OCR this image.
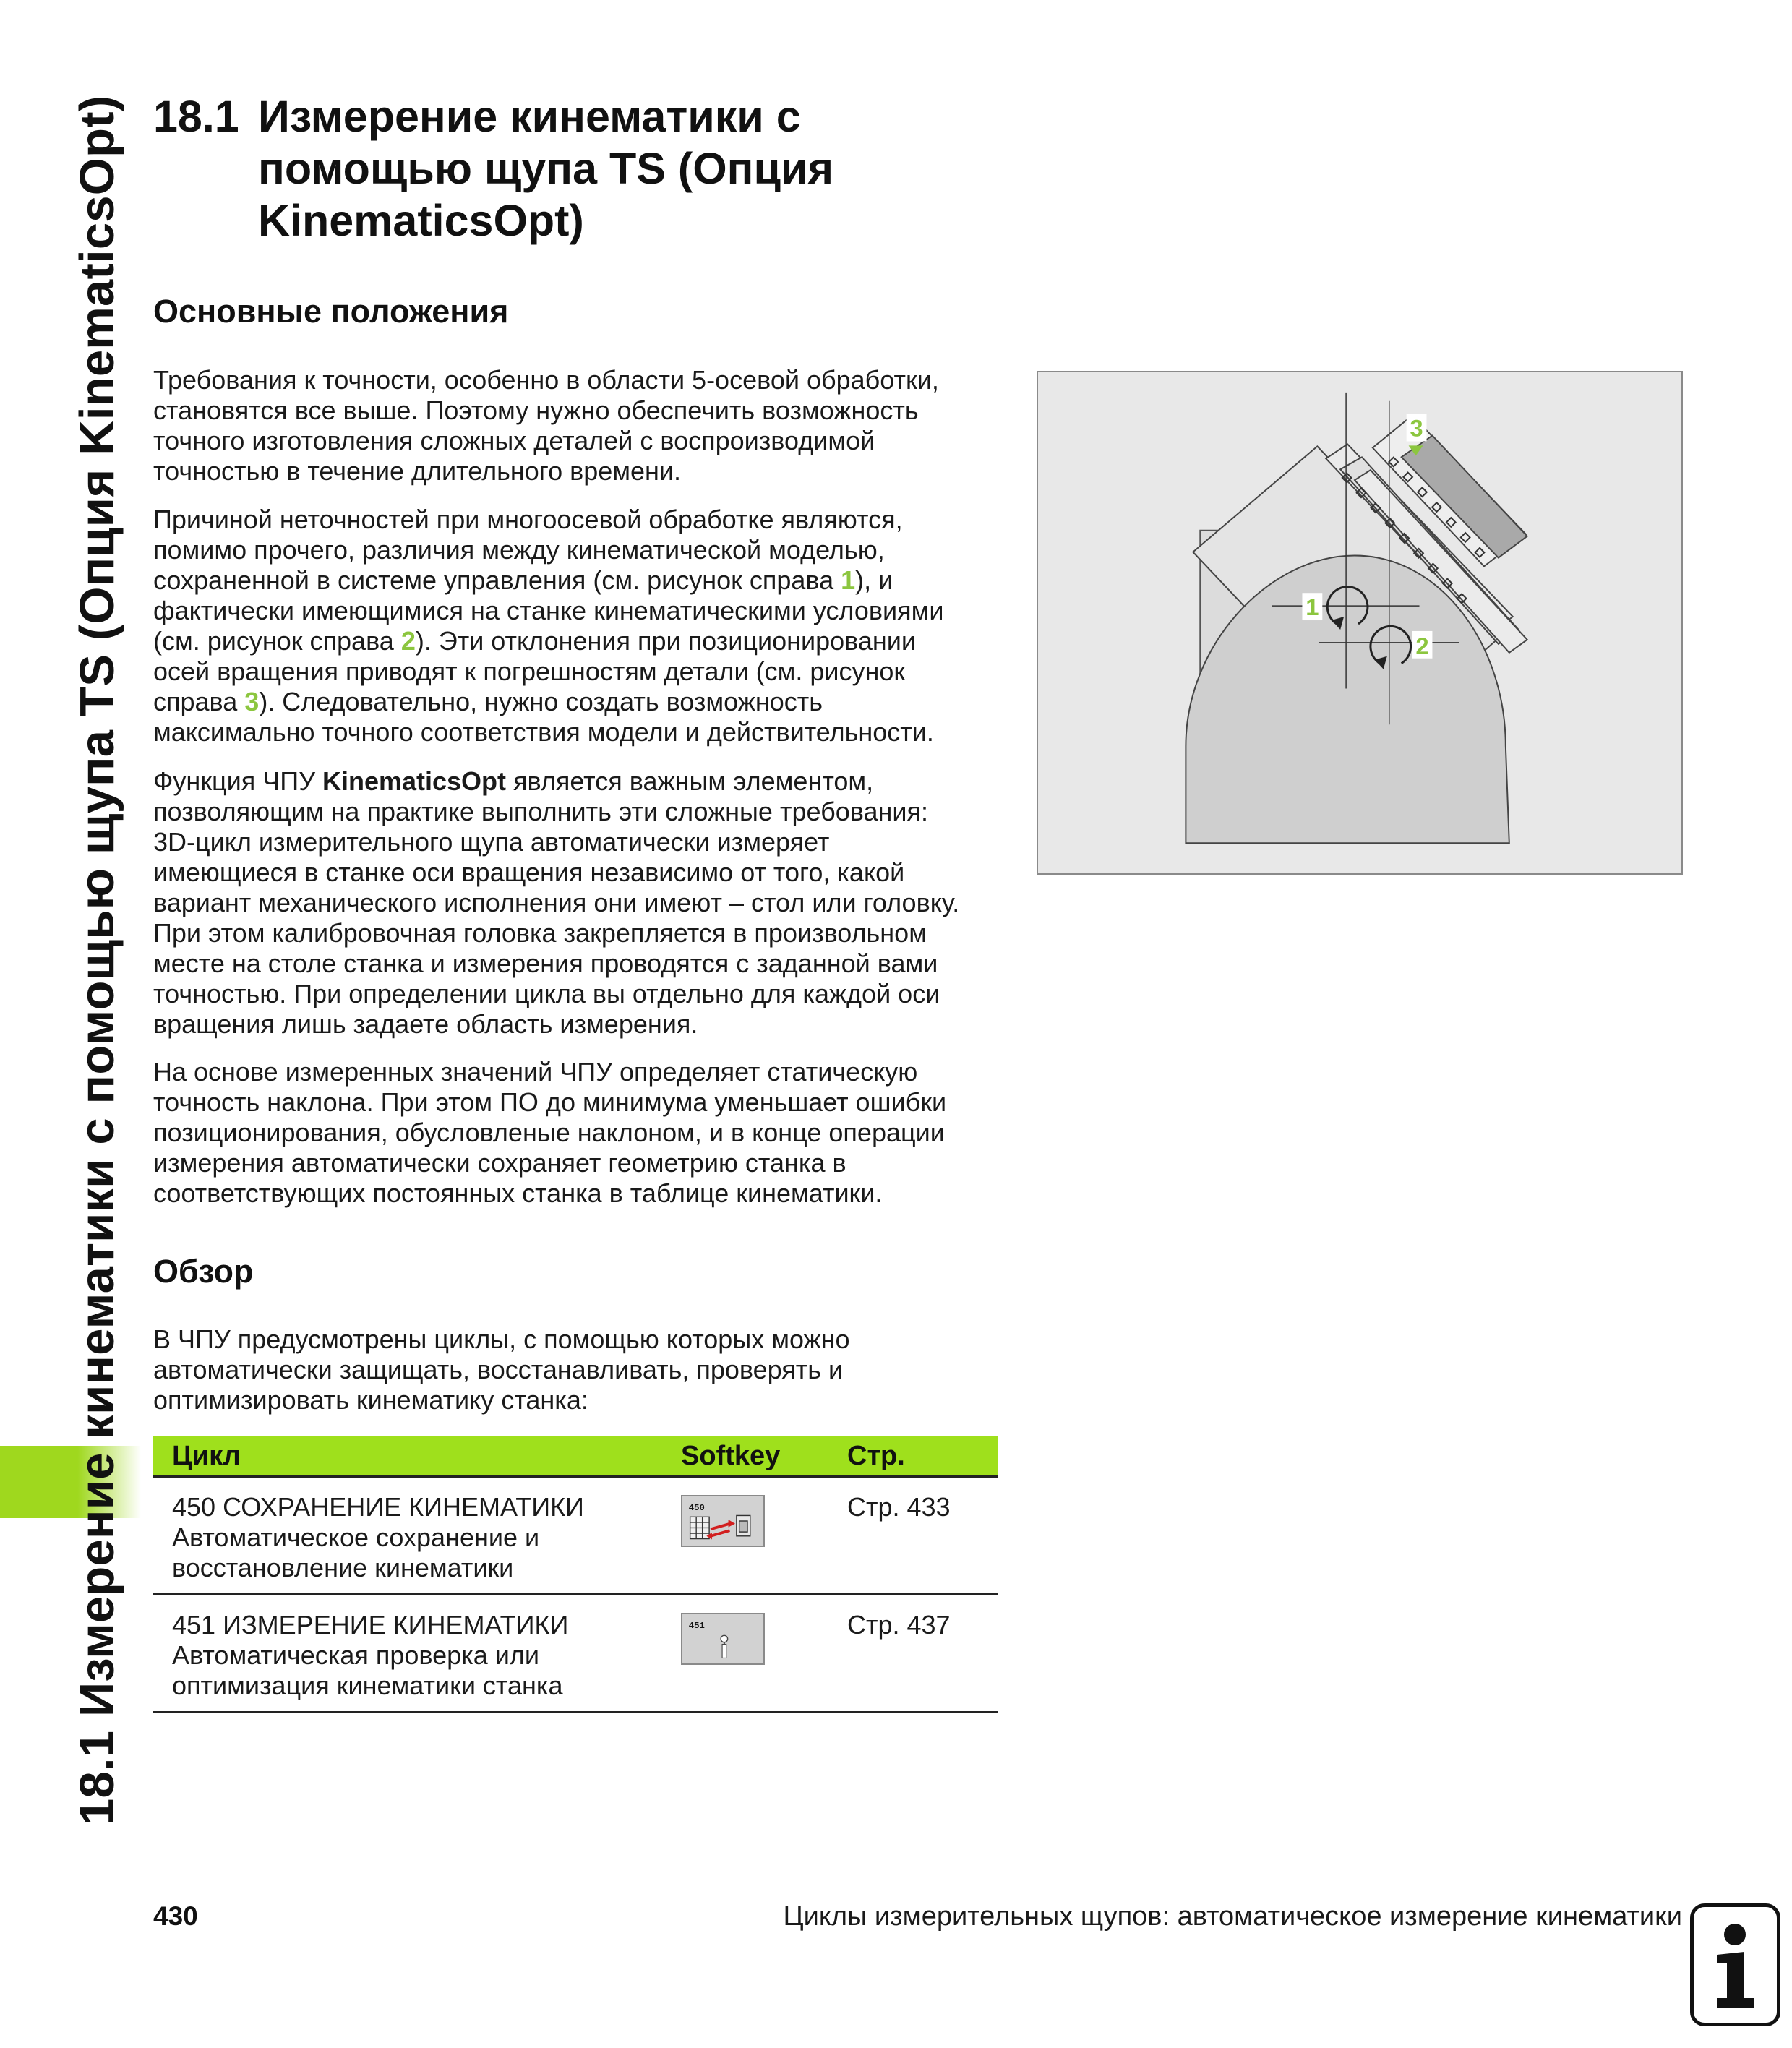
18.1 Измерение кинематики с помощью щупа TS (Опция KinematicsOpt) 18.1 Измерение кинематики с
помощью щупа TS (Опция
KinematicsOpt)
Основные положения
Требования к точности, особенно в области 5-осевой обработки,
становятся все выше. Поэтому нужно обеспечить возможность
точного изготовления сложных деталей с воспроизводимой
точностью в течение длительного времени.
Причиной неточностей при многоосевой обработке являются,
помимо прочего, различия между кинематической моделью,
сохраненной в системе управления (см. рисунок справа 1), и
фактически имеющимися на станке кинематическими условиями
(см. рисунок справа 2). Эти отклонения при позиционировании
осей вращения приводят к погрешностям детали (см. рисунок
справа 3). Следовательно, нужно создать возможность
максимально точного соответствия модели и действительности.
Функция ЧПУ KinematicsOpt является важным элементом,
позволяющим на практике выполнить эти сложные требования:
3D-цикл измерительного щупа автоматически измеряет
имеющиеся в станке оси вращения независимо от того, какой
вариант механического исполнения они имеют – стол или головку.
При этом калибровочная головка закрепляется в произвольном
месте на столе станка и измерения проводятся с заданной вами
точностью. При определении цикла вы отдельно для каждой оси
вращения лишь задаете область измерения.
На основе измеренных значений ЧПУ определяет статическую
точность наклона. При этом ПО до минимума уменьшает ошибки
позиционирования, обусловленые наклоном, и в конце операции
измерения автоматически сохраняет геометрию станка в
соответствующих постоянных станка в таблице кинематики.
1
2
3
Обзор
В ЧПУ предусмотрены циклы, с помощью которых можно
автоматически защищать, восстанавливать, проверять и
оптимизировать кинематику станка:
Цикл	Softkey Стр.
450 СОХРАНЕНИЕ КИНЕМАТИКИ
Автоматическое сохранение и
восстановление кинематики
450	Стр. 433
451 ИЗМЕРЕНИЕ КИНЕМАТИКИ
Автоматическая проверка или
оптимизация кинематики станка
451	Стр. 437
430	Циклы измерительных щупов: автоматическое измерение кинематики
